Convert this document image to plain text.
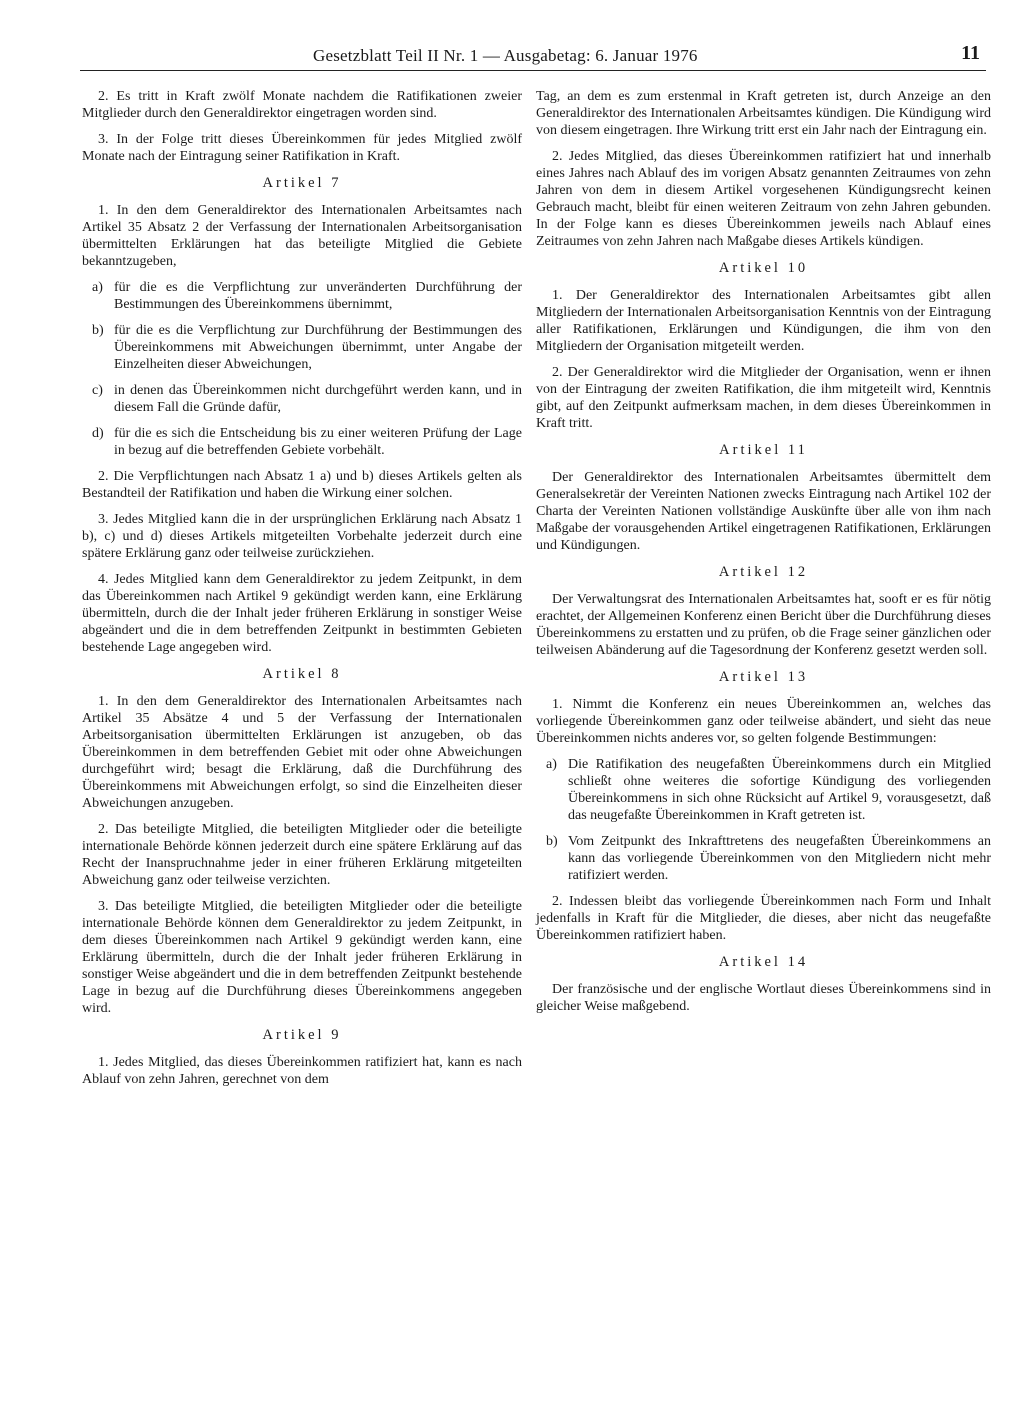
Gesetzblatt Teil II Nr. 1 — Ausgabetag: 6. Januar 1976	11

2. Es tritt in Kraft zwölf Monate nachdem die Ratifikationen zweier Mitglieder durch den Generaldirektor eingetragen worden sind.

3. In der Folge tritt dieses Übereinkommen für jedes Mitglied zwölf Monate nach der Eintragung seiner Ratifikation in Kraft.

Artikel 7

1. In den dem Generaldirektor des Internationalen Arbeitsamtes nach Artikel 35 Absatz 2 der Verfassung der Internationalen Arbeitsorganisation übermittelten Erklärungen hat das beteiligte Mitglied die Gebiete bekanntzugeben,

a) für die es die Verpflichtung zur unveränderten Durchführung der Bestimmungen des Übereinkommens übernimmt,
b) für die es die Verpflichtung zur Durchführung der Bestimmungen des Übereinkommens mit Abweichungen übernimmt, unter Angabe der Einzelheiten dieser Abweichungen,
c) in denen das Übereinkommen nicht durchgeführt werden kann, und in diesem Fall die Gründe dafür,
d) für die es sich die Entscheidung bis zu einer weiteren Prüfung der Lage in bezug auf die betreffenden Gebiete vorbehält.

2. Die Verpflichtungen nach Absatz 1 a) und b) dieses Artikels gelten als Bestandteil der Ratifikation und haben die Wirkung einer solchen.

3. Jedes Mitglied kann die in der ursprünglichen Erklärung nach Absatz 1 b), c) und d) dieses Artikels mitgeteilten Vorbehalte jederzeit durch eine spätere Erklärung ganz oder teilweise zurückziehen.

4. Jedes Mitglied kann dem Generaldirektor zu jedem Zeitpunkt, in dem das Übereinkommen nach Artikel 9 gekündigt werden kann, eine Erklärung übermitteln, durch die der Inhalt jeder früheren Erklärung in sonstiger Weise abgeändert und die in dem betreffenden Zeitpunkt in bestimmten Gebieten bestehende Lage angegeben wird.

Artikel 8

1. In den dem Generaldirektor des Internationalen Arbeitsamtes nach Artikel 35 Absätze 4 und 5 der Verfassung der Internationalen Arbeitsorganisation übermittelten Erklärungen ist anzugeben, ob das Übereinkommen in dem betreffenden Gebiet mit oder ohne Abweichungen durchgeführt wird; besagt die Erklärung, daß die Durchführung des Übereinkommens mit Abweichungen erfolgt, so sind die Einzelheiten dieser Abweichungen anzugeben.

2. Das beteiligte Mitglied, die beteiligten Mitglieder oder die beteiligte internationale Behörde können jederzeit durch eine spätere Erklärung auf das Recht der Inanspruchnahme jeder in einer früheren Erklärung mitgeteilten Abweichung ganz oder teilweise verzichten.

3. Das beteiligte Mitglied, die beteiligten Mitglieder oder die beteiligte internationale Behörde können dem Generaldirektor zu jedem Zeitpunkt, in dem dieses Übereinkommen nach Artikel 9 gekündigt werden kann, eine Erklärung übermitteln, durch die der Inhalt jeder früheren Erklärung in sonstiger Weise abgeändert und die in dem betreffenden Zeitpunkt bestehende Lage in bezug auf die Durchführung dieses Übereinkommens angegeben wird.

Artikel 9

1. Jedes Mitglied, das dieses Übereinkommen ratifiziert hat, kann es nach Ablauf von zehn Jahren, gerechnet von dem

Tag, an dem es zum erstenmal in Kraft getreten ist, durch Anzeige an den Generaldirektor des Internationalen Arbeitsamtes kündigen. Die Kündigung wird von diesem eingetragen. Ihre Wirkung tritt erst ein Jahr nach der Eintragung ein.

2. Jedes Mitglied, das dieses Übereinkommen ratifiziert hat und innerhalb eines Jahres nach Ablauf des im vorigen Absatz genannten Zeitraumes von zehn Jahren von dem in diesem Artikel vorgesehenen Kündigungsrecht keinen Gebrauch macht, bleibt für einen weiteren Zeitraum von zehn Jahren gebunden. In der Folge kann es dieses Übereinkommen jeweils nach Ablauf eines Zeitraumes von zehn Jahren nach Maßgabe dieses Artikels kündigen.

Artikel 10

1. Der Generaldirektor des Internationalen Arbeitsamtes gibt allen Mitgliedern der Internationalen Arbeitsorganisation Kenntnis von der Eintragung aller Ratifikationen, Erklärungen und Kündigungen, die ihm von den Mitgliedern der Organisation mitgeteilt werden.

2. Der Generaldirektor wird die Mitglieder der Organisation, wenn er ihnen von der Eintragung der zweiten Ratifikation, die ihm mitgeteilt wird, Kenntnis gibt, auf den Zeitpunkt aufmerksam machen, in dem dieses Übereinkommen in Kraft tritt.

Artikel 11

Der Generaldirektor des Internationalen Arbeitsamtes übermittelt dem Generalsekretär der Vereinten Nationen zwecks Eintragung nach Artikel 102 der Charta der Vereinten Nationen vollständige Auskünfte über alle von ihm nach Maßgabe der vorausgehenden Artikel eingetragenen Ratifikationen, Erklärungen und Kündigungen.

Artikel 12

Der Verwaltungsrat des Internationalen Arbeitsamtes hat, sooft er es für nötig erachtet, der Allgemeinen Konferenz einen Bericht über die Durchführung dieses Übereinkommens zu erstatten und zu prüfen, ob die Frage seiner gänzlichen oder teilweisen Abänderung auf die Tagesordnung der Konferenz gesetzt werden soll.

Artikel 13

1. Nimmt die Konferenz ein neues Übereinkommen an, welches das vorliegende Übereinkommen ganz oder teilweise abändert, und sieht das neue Übereinkommen nichts anderes vor, so gelten folgende Bestimmungen:

a) Die Ratifikation des neugefaßten Übereinkommens durch ein Mitglied schließt ohne weiteres die sofortige Kündigung des vorliegenden Übereinkommens in sich ohne Rücksicht auf Artikel 9, vorausgesetzt, daß das neugefaßte Übereinkommen in Kraft getreten ist.
b) Vom Zeitpunkt des Inkrafttretens des neugefaßten Übereinkommens an kann das vorliegende Übereinkommen von den Mitgliedern nicht mehr ratifiziert werden.

2. Indessen bleibt das vorliegende Übereinkommen nach Form und Inhalt jedenfalls in Kraft für die Mitglieder, die dieses, aber nicht das neugefaßte Übereinkommen ratifiziert haben.

Artikel 14

Der französische und der englische Wortlaut dieses Übereinkommens sind in gleicher Weise maßgebend.
